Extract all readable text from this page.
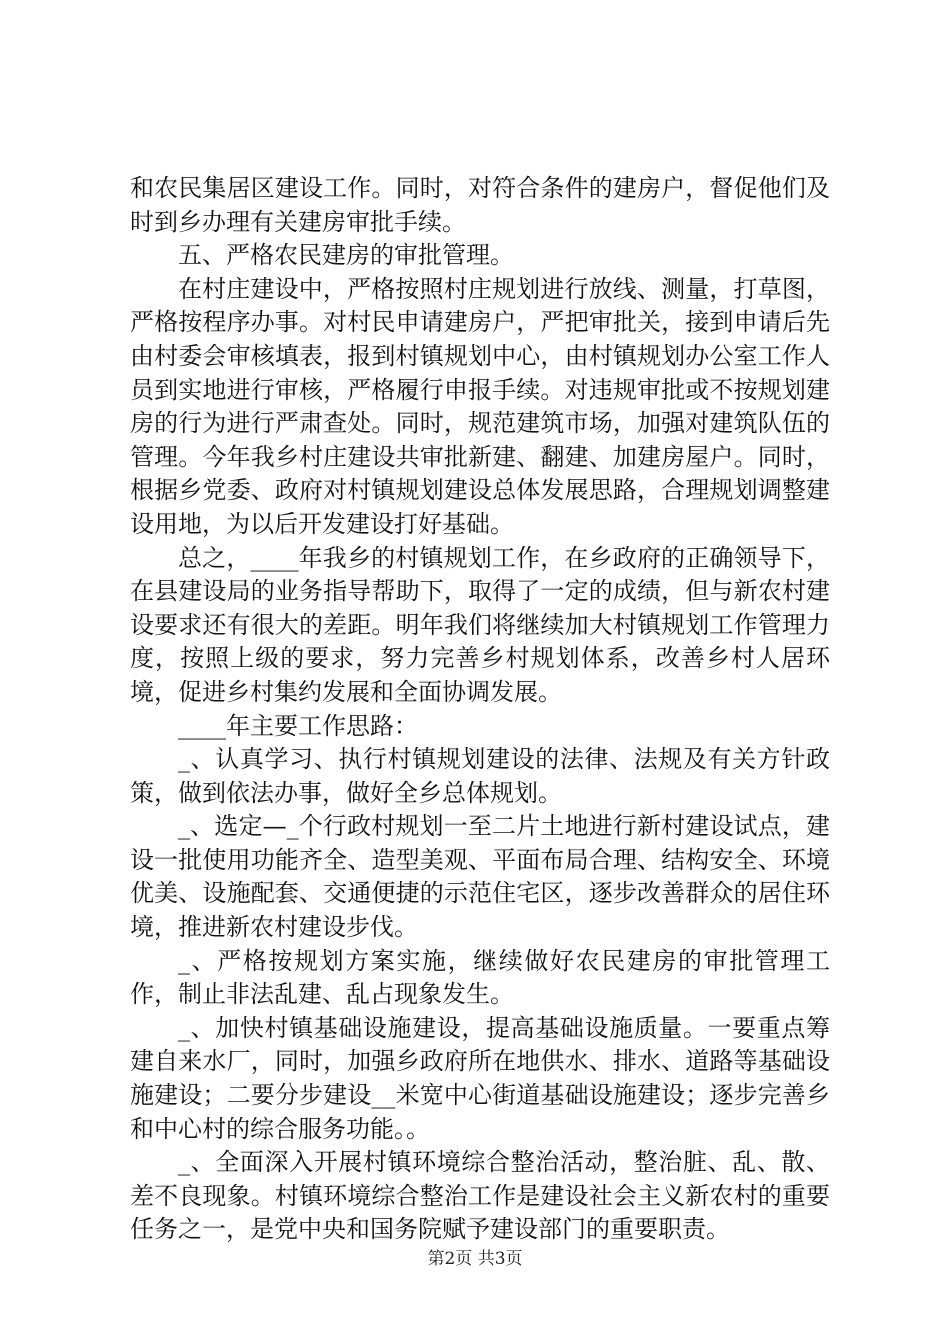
和农民集居区建设工作。同时，对符合条件的建房户，督促他们及时到乡办理有关建房审批手续。

五、严格农民建房的审批管理。

在村庄建设中，严格按照村庄规划进行放线、测量，打草图，严格按程序办事。对村民申请建房户，严把审批关，接到申请后先由村委会审核填表，报到村镇规划中心，由村镇规划办公室工作人员到实地进行审核，严格履行申报手续。对违规审批或不按规划建房的行为进行严肃查处。同时，规范建筑市场，加强对建筑队伍的管理。今年我乡村庄建设共审批新建、翻建、加建房屋户。同时，根据乡党委、政府对村镇规划建设总体发展思路，合理规划调整建设用地，为以后开发建设打好基础。

总之，____年我乡的村镇规划工作，在乡政府的正确领导下，在县建设局的业务指导帮助下，取得了一定的成绩，但与新农村建设要求还有很大的差距。明年我们将继续加大村镇规划工作管理力度，按照上级的要求，努力完善乡村规划体系，改善乡村人居环境，促进乡村集约发展和全面协调发展。

____年主要工作思路：

_、认真学习、执行村镇规划建设的法律、法规及有关方针政策，做到依法办事，做好全乡总体规划。

_、选定—_个行政村规划一至二片土地进行新村建设试点，建设一批使用功能齐全、造型美观、平面布局合理、结构安全、环境优美、设施配套、交通便捷的示范住宅区，逐步改善群众的居住环境，推进新农村建设步伐。

_、严格按规划方案实施，继续做好农民建房的审批管理工作，制止非法乱建、乱占现象发生。

_、加快村镇基础设施建设，提高基础设施质量。一要重点筹建自来水厂，同时，加强乡政府所在地供水、排水、道路等基础设施建设；二要分步建设__米宽中心街道基础设施建设；逐步完善乡和中心村的综合服务功能。。

_、全面深入开展村镇环境综合整治活动，整治脏、乱、散、差不良现象。村镇环境综合整治工作是建设社会主义新农村的重要任务之一，是党中央和国务院赋予建设部门的重要职责。

第2页 共3页
